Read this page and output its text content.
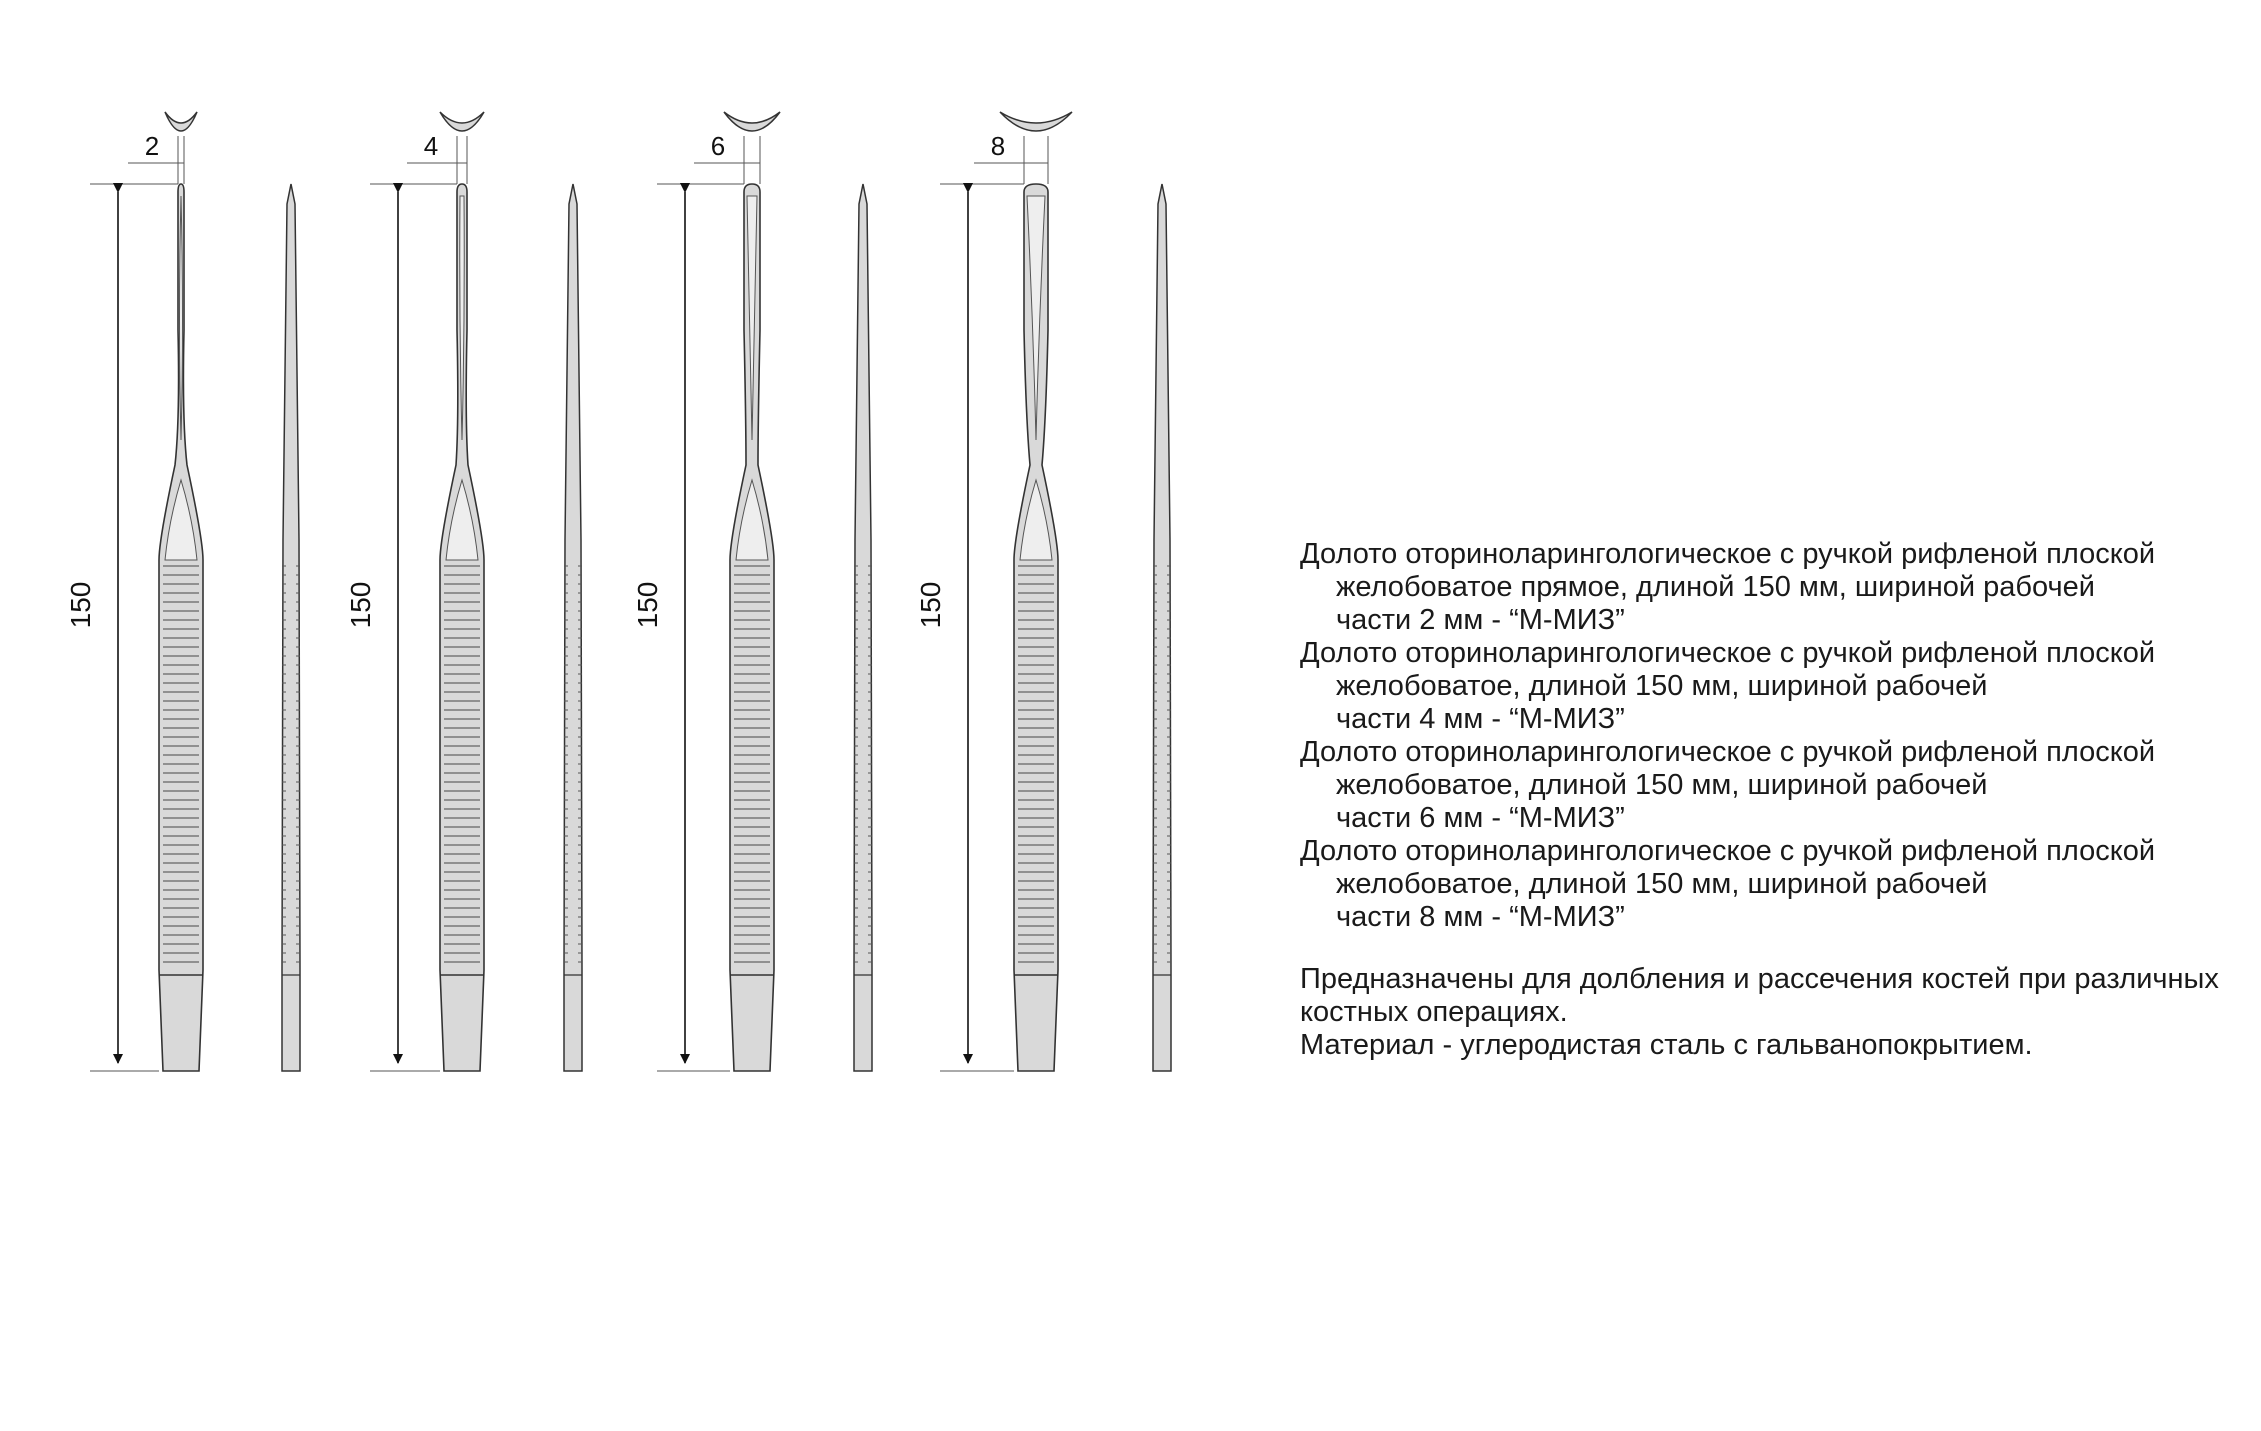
2
150
4
150
6
150
8
150
Долото оториноларингологическое с ручкой рифленой плоской
желобоватое прямое, длиной 150 мм, шириной рабочей
части 2 мм - “М-МИЗ”
Долото оториноларингологическое с ручкой рифленой плоской
желобоватое, длиной 150 мм, шириной рабочей
части 4 мм - “М-МИЗ”
Долото оториноларингологическое с ручкой рифленой плоской
желобоватое, длиной 150 мм, шириной рабочей
части 6 мм - “М-МИЗ”
Долото оториноларингологическое с ручкой рифленой плоской
желобоватое, длиной 150 мм, шириной рабочей
части 8 мм - “М-МИЗ”
Предназначены для долбления и рассечения костей при различных
костных операциях.
Материал - углеродистая сталь с гальванопокрытием.
